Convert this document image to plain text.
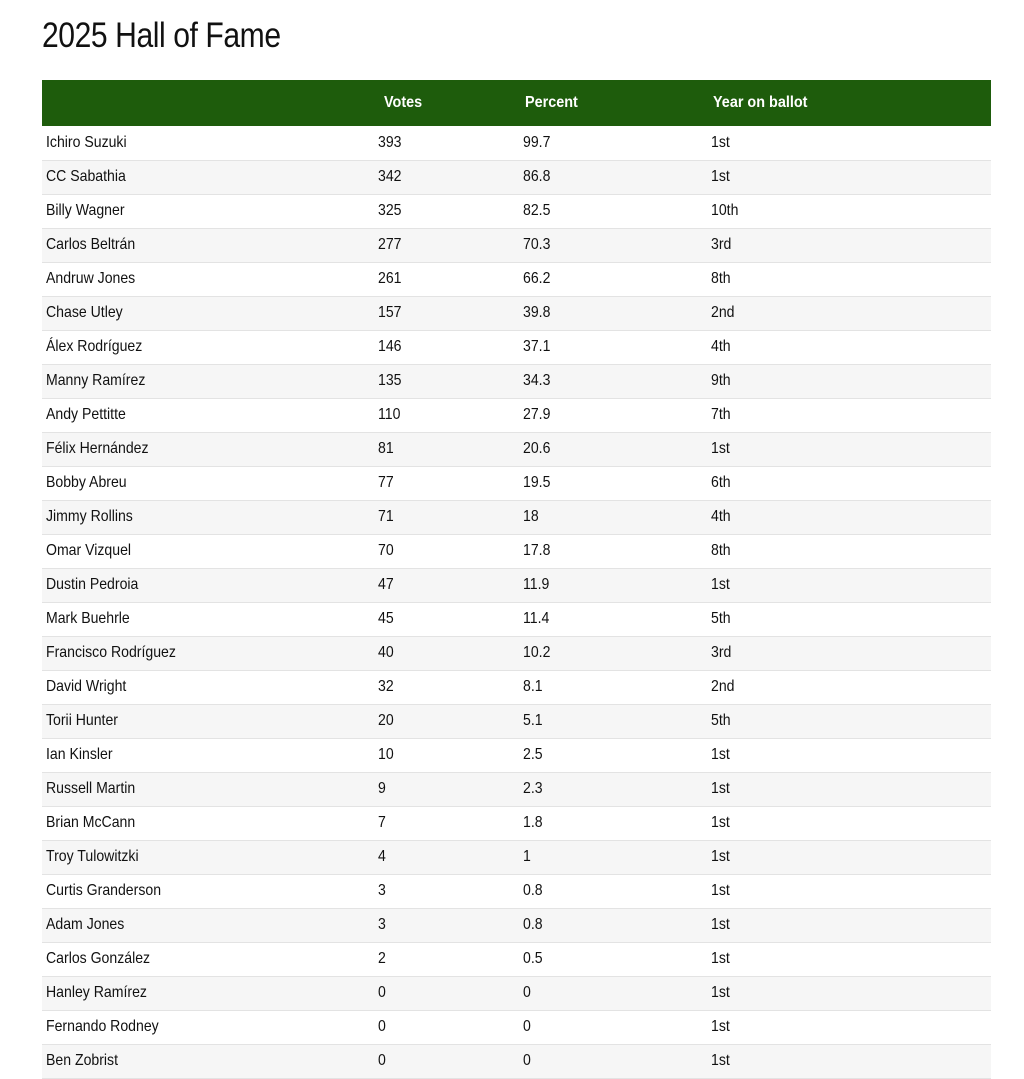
2025 Hall of Fame
	Votes	Percent	Year on ballot
Ichiro Suzuki	393	99.7	1st
CC Sabathia	342	86.8	1st
Billy Wagner	325	82.5	10th
Carlos Beltrán	277	70.3	3rd
Andruw Jones	261	66.2	8th
Chase Utley	157	39.8	2nd
Álex Rodríguez	146	37.1	4th
Manny Ramírez	135	34.3	9th
Andy Pettitte	110	27.9	7th
Félix Hernández	81	20.6	1st
Bobby Abreu	77	19.5	6th
Jimmy Rollins	71	18	4th
Omar Vizquel	70	17.8	8th
Dustin Pedroia	47	11.9	1st
Mark Buehrle	45	11.4	5th
Francisco Rodríguez	40	10.2	3rd
David Wright	32	8.1	2nd
Torii Hunter	20	5.1	5th
Ian Kinsler	10	2.5	1st
Russell Martin	9	2.3	1st
Brian McCann	7	1.8	1st
Troy Tulowitzki	4	1	1st
Curtis Granderson	3	0.8	1st
Adam Jones	3	0.8	1st
Carlos González	2	0.5	1st
Hanley Ramírez	0	0	1st
Fernando Rodney	0	0	1st
Ben Zobrist	0	0	1st
